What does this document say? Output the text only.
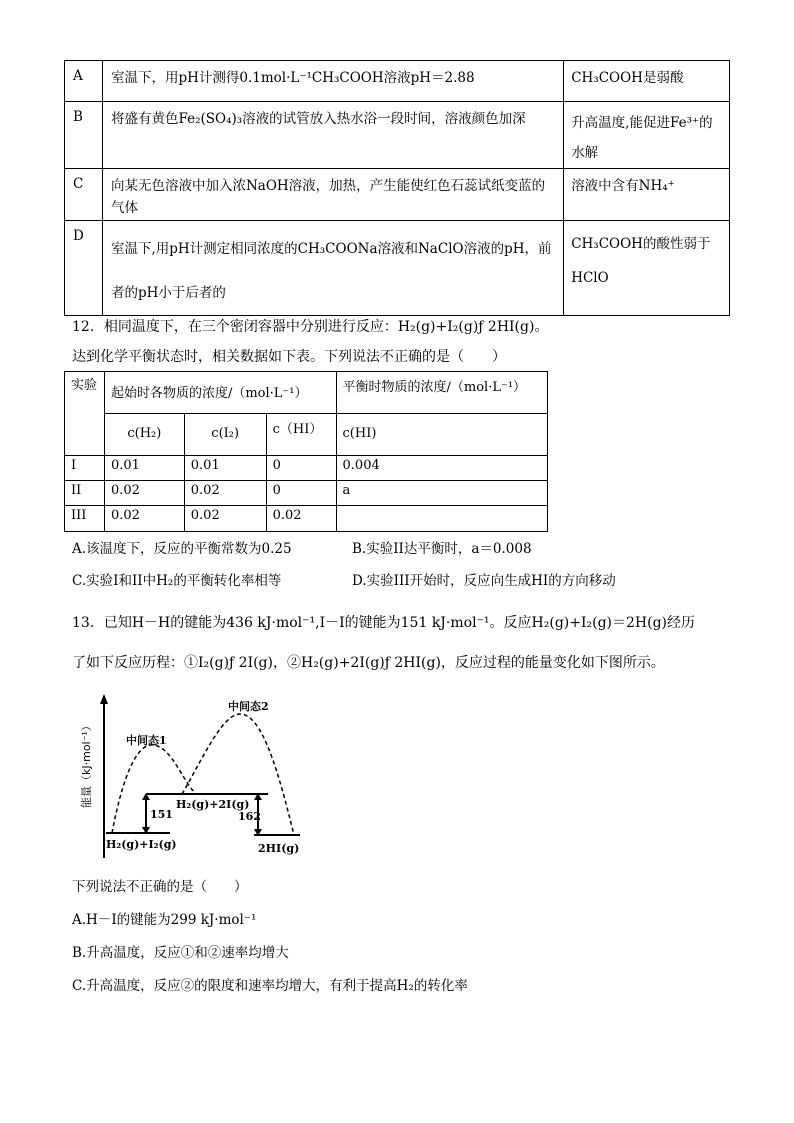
A	室温下，用pH计测得0.1mol·L⁻¹CH₃COOH溶液pH＝2.88	CH₃COOH是弱酸
B	将盛有黄色Fe₂(SO₄)₃溶液的试管放入热水浴一段时间，溶液颜色加深	升高温度,能促进Fe³⁺的水解
C	向某无色溶液中加入浓NaOH溶液，加热，产生能使红色石蕊试纸变蓝的气体	溶液中含有NH₄⁺
D	室温下,用pH计测定相同浓度的CH₃COONa溶液和NaClO溶液的pH，前者的pH小于后者的	CH₃COOH的酸性弱于HClO
12．相同温度下，在三个密闭容器中分别进行反应：H₂(g)+I₂(g)ƒ 2HI(g)。
达到化学平衡状态时，相关数据如下表。下列说法不正确的是（　　）
实验	起始时各物质的浓度/（mol·L⁻¹）			平衡时物质的浓度/（mol·L⁻¹）
	c(H₂)	c(I₂)	c（HI）	c(HI)
I	0.01	0.01	0	0.004
II	0.02	0.02	0	a
III	0.02	0.02	0.02	
A.该温度下，反应的平衡常数为0.25	B.实验II达平衡时，a＝0.008
C.实验I和II中H₂的平衡转化率相等	D.实验III开始时，反应向生成HI的方向移动
13．已知H－H的键能为436 kJ·mol⁻¹,I－I的键能为151 kJ·mol⁻¹。反应H₂(g)+I₂(g)＝2H(g)经历
了如下反应历程：①I₂(g)ƒ 2I(g)，②H₂(g)+2I(g)ƒ 2HI(g)，反应过程的能量变化如下图所示。
能量（kJ·mol⁻¹）	中间态1
中间态2
H₂(g)+2I(g)
H₂(g)+I₂(g)	2HI(g)
151	162
下列说法不正确的是（　　）
A.H－I的键能为299 kJ·mol⁻¹
B.升高温度，反应①和②速率均增大
C.升高温度，反应②的限度和速率均增大，有利于提高H₂的转化率
